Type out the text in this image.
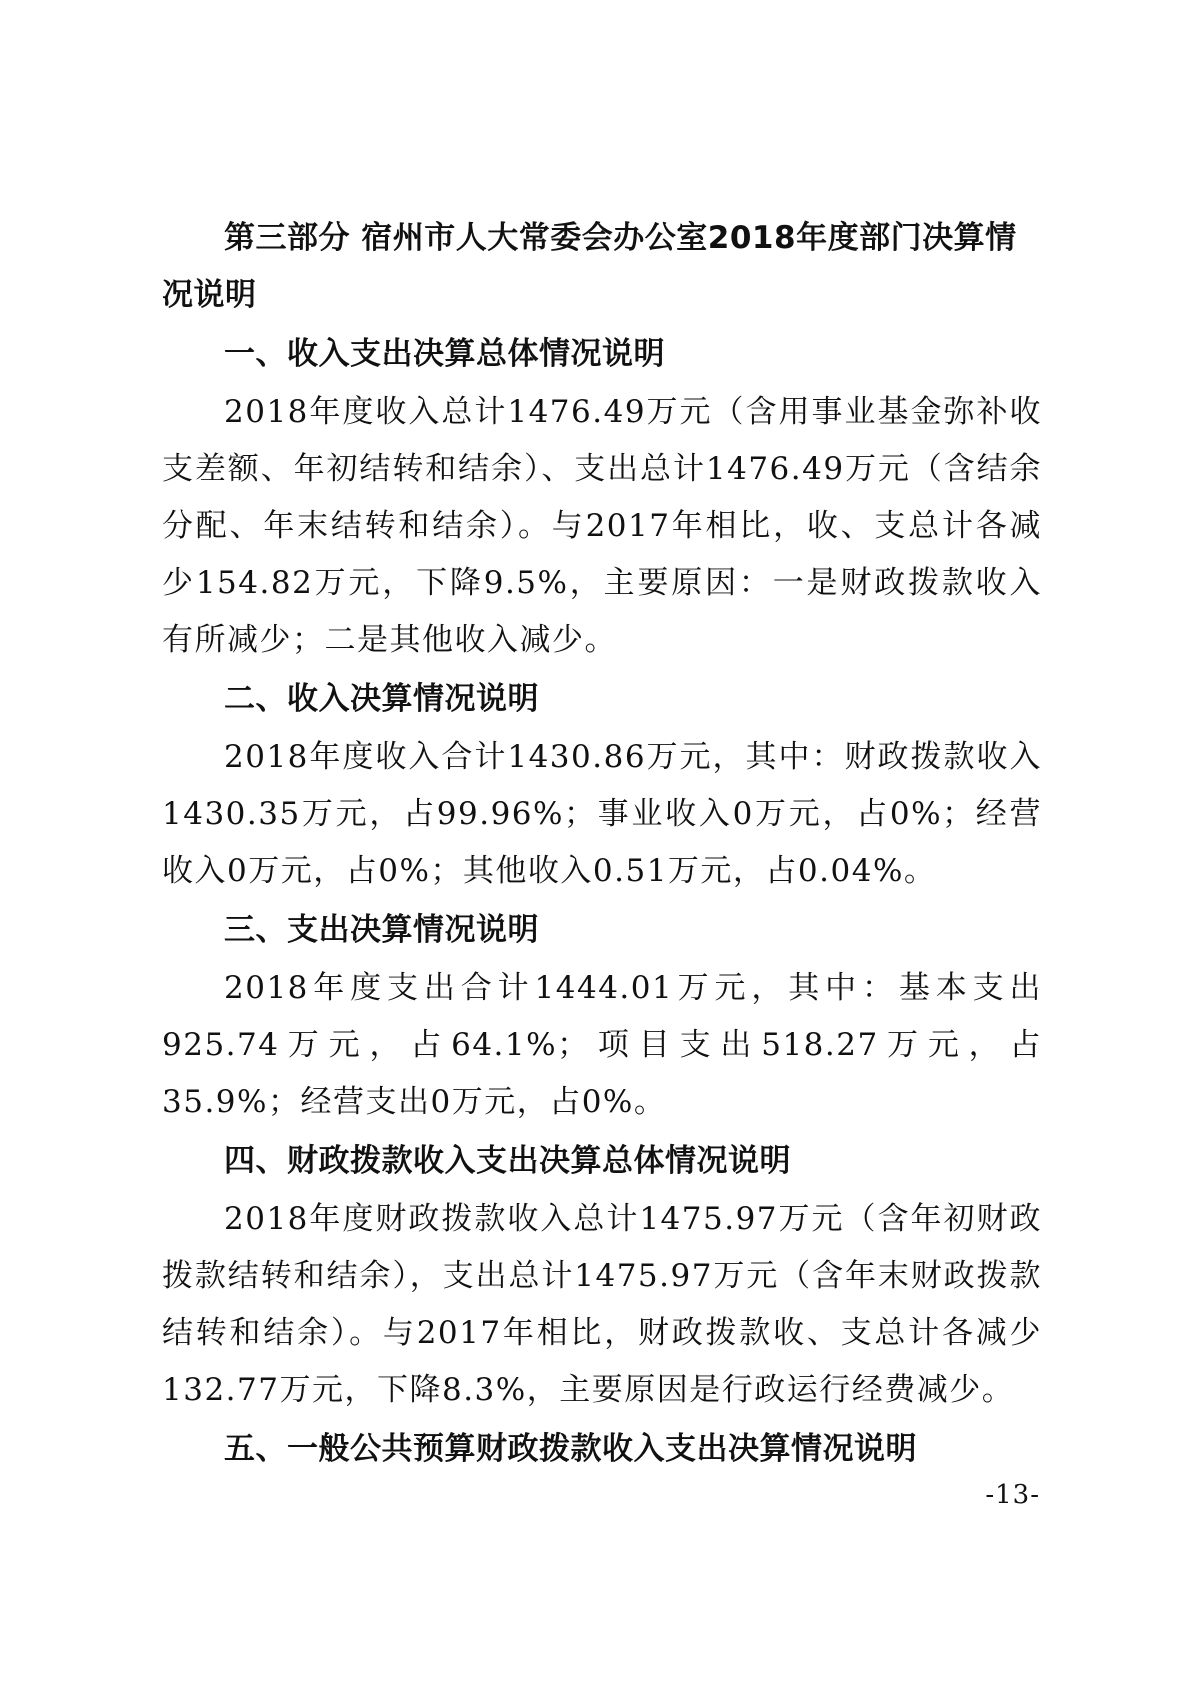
第三部分 宿州市人大常委会办公室2018年度部门决算情况说明
一、收入支出决算总体情况说明

2018年度收入总计1476.49万元（含用事业基金弥补收支差额、年初结转和结余）、支出总计1476.49万元（含结余分配、年末结转和结余）。与2017年相比，收、支总计各减少154.82万元，下降9.5%，主要原因：一是财政拨款收入有所减少；二是其他收入减少。

二、收入决算情况说明

2018年度收入合计1430.86万元，其中：财政拨款收入1430.35万元，占99.96%；事业收入0万元，占0%；经营收入0万元，占0%；其他收入0.51万元，占0.04%。

三、支出决算情况说明

2018年度支出合计1444.01万元，其中：基本支出925.74万元，占64.1%；项目支出518.27万元，占35.9%；经营支出0万元，占0%。

四、财政拨款收入支出决算总体情况说明

2018年度财政拨款收入总计1475.97万元（含年初财政拨款结转和结余），支出总计1475.97万元（含年末财政拨款结转和结余）。与2017年相比，财政拨款收、支总计各减少132.77万元，下降8.3%，主要原因是行政运行经费减少。

五、一般公共预算财政拨款收入支出决算情况说明
-13-
